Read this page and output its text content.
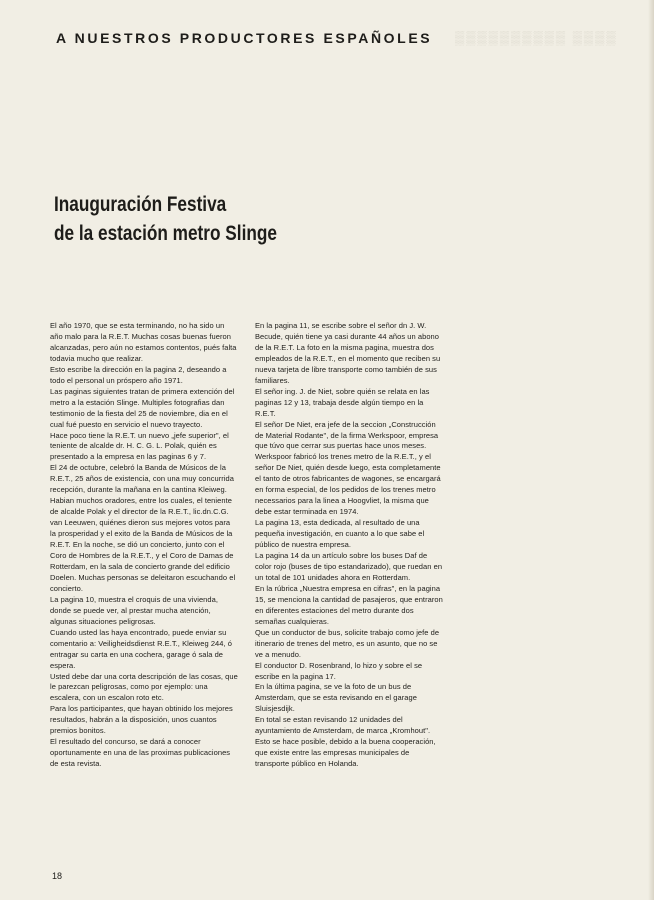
▒▒▒▒▒▒▒▒▒▒ ▒▒▒▒
A NUESTROS PRODUCTORES ESPAÑOLES
Inauguración Festiva
de la estación metro Slinge

El año 1970, que se esta terminando, no ha sido un año malo para la R.E.T. Muchas cosas buenas fueron alcanzadas, pero aún no estamos contentos, pués falta todavia mucho que realizar.

Esto escribe la dirección en la pagina 2, deseando a todo el personal un próspero año 1971.

Las paginas siguientes tratan de primera extención del metro a la estación Slinge. Multiples fotografias dan testimonio de la fiesta del 25 de noviembre, dia en el cual fué puesto en servicio el nuevo trayecto.

Hace poco tiene la R.E.T. un nuevo „jefe superior", el teniente de alcalde dr. H. C. G. L. Polak, quién es presentado a la empresa en las paginas 6 y 7.

El 24 de octubre, celebró la Banda de Músicos de la R.E.T., 25 años de existencia, con una muy concurrida recepción, durante la mañana en la cantina Kleiweg. Habian muchos oradores, entre los cuales, el teniente de alcalde Polak y el director de la R.E.T., lic.dn.C.G. van Leeuwen, quiénes dieron sus mejores votos para la prosperidad y el exito de la Banda de Músicos de la R.E.T. En la noche, se dió un concierto, junto con el Coro de Hombres de la R.E.T., y el Coro de Damas de Rotterdam, en la sala de concierto grande del edificio Doelen. Muchas personas se deleitaron escuchando el concierto.

La pagina 10, muestra el croquis de una vivienda, donde se puede ver, al prestar mucha atención, algunas situaciones peligrosas.

Cuando usted las haya encontrado, puede enviar su comentario a: Veiligheidsdienst R.E.T., Kleiweg 244, ó entragar su carta en una cochera, garage ó sala de espera.

Usted debe dar una corta descripción de las cosas, que le parezcan peligrosas, como por ejemplo: una escalera, con un escalon roto etc.

Para los participantes, que hayan obtinido los mejores resultados, habrán a la disposición, unos cuantos premios bonitos.

El resultado del concurso, se dará a conocer oportunamente en una de las proximas publicaciones de esta revista.

En la pagina 11, se escribe sobre el señor dn J. W. Becude, quién tiene ya casi durante 44 años un abono de la R.E.T. La foto en la misma pagina, muestra dos empleados de la R.E.T., en el momento que reciben su nueva tarjeta de libre transporte como también de sus familiares.

El señor ing. J. de Niet, sobre quién se relata en las paginas 12 y 13, trabaja desde algún tiempo en la R.E.T.

El señor De Niet, era jefe de la seccion „Construcción de Material Rodante", de la firma Werkspoor, empresa que túvo que cerrar sus puertas hace unos meses. Werkspoor fabricó los trenes metro de la R.E.T., y el señor De Niet, quién desde luego, esta completamente el tanto de otros fabricantes de wagones, se encargará en forma especial, de los pedidos de los trenes metro necessarios para la linea a Hoogvliet, la misma que debe estar terminada en 1974.

La pagina 13, esta dedicada, al resultado de una pequeña investigación, en cuanto a lo que sabe el público de nuestra empresa.

La pagina 14 da un artículo sobre los buses Daf de color rojo (buses de tipo estandarizado), que ruedan en un total de 101 unidades ahora en Rotterdam.

En la rúbrica „Nuestra empresa en cifras", en la pagina 15, se menciona la cantidad de pasajeros, que entraron en diferentes estaciones del metro durante dos semañas cualquieras.

Que un conductor de bus, solicite trabajo como jefe de itinerario de trenes del metro, es un asunto, que no se ve a menudo.

El conductor D. Rosenbrand, lo hizo y sobre el se escribe en la pagina 17.

En la última pagina, se ve la foto de un bus de Amsterdam, que se esta revisando en el garage Sluisjesdijk.

En total se estan revisando 12 unidades del ayuntamiento de Amsterdam, de marca „Kromhout".

Esto se hace posible, debido a la buena cooperación, que existe entre las empresas municipales de transporte público en Holanda.

18
